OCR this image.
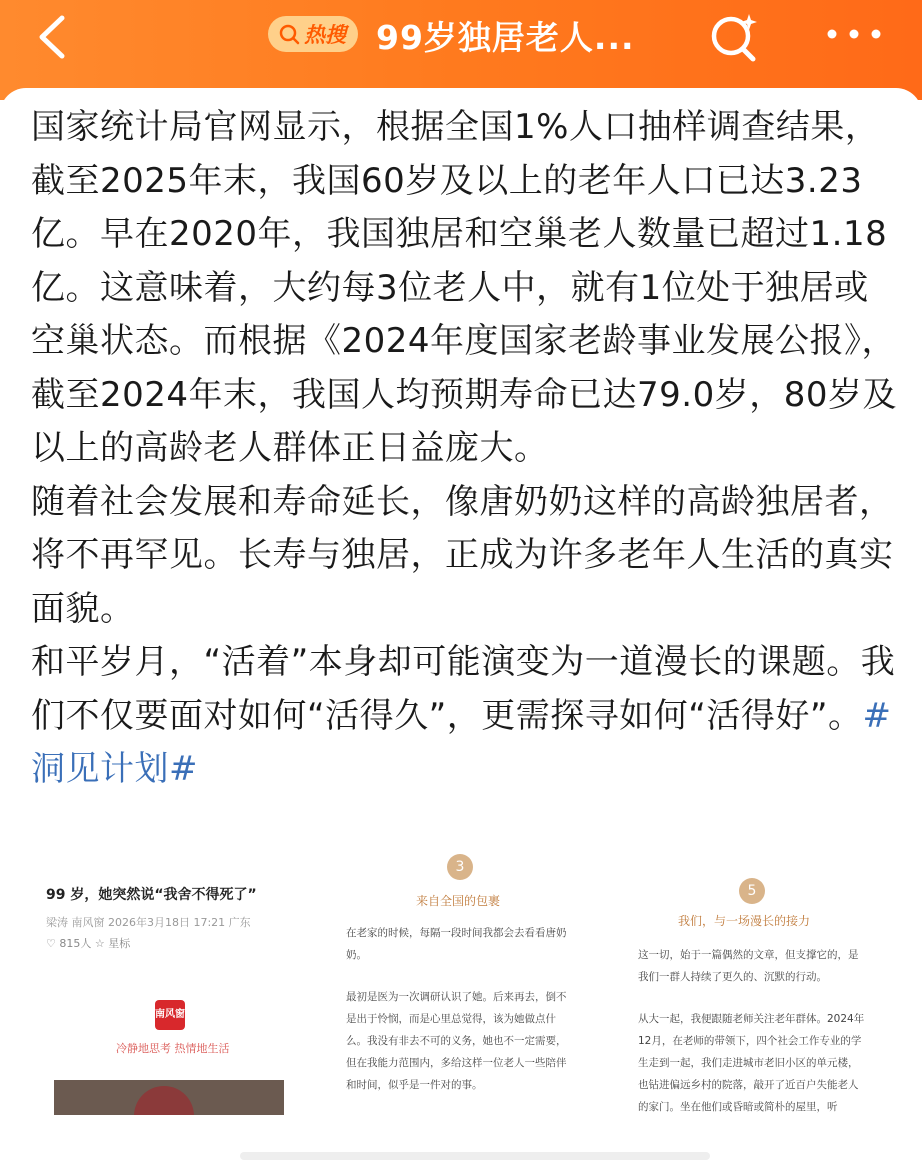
热搜 99岁独居老人...

国家统计局官网显示，根据全国1%人口抽样调查结果，截至2025年末，我国60岁及以上的老年人口已达3.23亿。早在2020年，我国独居和空巢老人数量已超过1.18亿。这意味着，大约每3位老人中，就有1位处于独居或空巢状态。而根据《2024年度国家老龄事业发展公报》，截至2024年末，我国人均预期寿命已达79.0岁，80岁及以上的高龄老人群体正日益庞大。

随着社会发展和寿命延长，像唐奶奶这样的高龄独居者，将不再罕见。长寿与独居，正成为许多老年人生活的真实面貌。

和平岁月，“活着”本身却可能演变为一道漫长的课题。我们不仅要面对如何“活得久”，更需探寻如何“活得好”。#洞见计划#

99 岁，她突然说“我舍不得死了”
梁涛 南风窗 2026年3月18日 17:21 广东
♡ 815人 ☆ 星标
南风窗
冷静地思考 热情地生活
3
来自全国的包裹
在老家的时候，每隔一段时间我都会去看看唐奶奶。
最初是医为一次调研认识了她。后来再去，倒不是出于怜悯，而是心里总觉得，该为她做点什么。我没有非去不可的义务，她也不一定需要，但在我能力范围内，多给这样一位老人一些陪伴和时间，似乎是一件对的事。
5
我们，与一场漫长的接力
这一切，始于一篇偶然的文章，但支撑它的，是我们一群人持续了更久的、沉默的行动。
从大一起，我便跟随老师关注老年群体。2024年12月，在老师的带领下，四个社会工作专业的学生走到一起，我们走进城市老旧小区的单元楼，也钻进偏远乡村的院落，敲开了近百户失能老人的家门。坐在他们或昏暗或简朴的屋里，听
